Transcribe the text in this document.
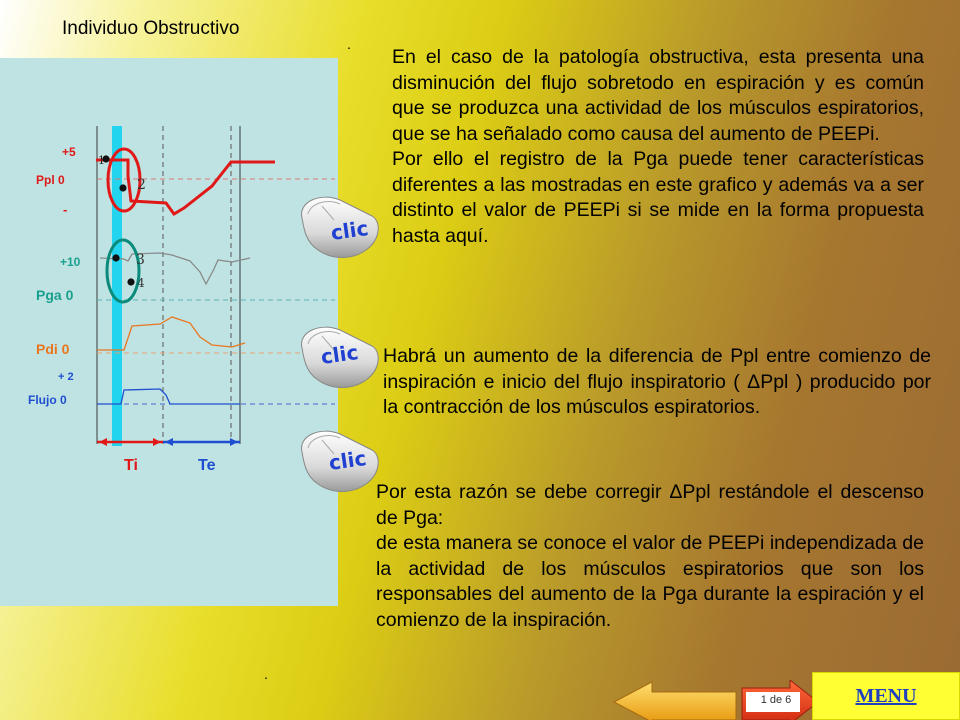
Individuo Obstructivo
.
.
1
2
3
4
+5
Ppl 0
-
+10
Pga 0
Pdi 0
+ 2
Flujo 0
Ti	Te
clic
clic
clic

En el caso de la patología obstructiva, esta presenta una disminución del flujo sobretodo en espiración y es común que se produzca una actividad de los músculos espiratorios, que se ha señalado como causa del aumento de PEEPi.
Por ello el registro de la Pga puede tener características diferentes a las mostradas en este grafico y además va a ser distinto el valor de PEEPi si se mide en la forma propuesta hasta aquí.

Habrá un aumento de la diferencia de Ppl entre comienzo de inspiración e inicio del flujo inspiratorio ( ΔPpl ) producido por la contracción de los músculos espiratorios.

Por esta razón se debe corregir ΔPpl restándole el descenso de Pga:
de esta manera se conoce el valor de PEEPi independizada de la actividad de los músculos espiratorios que son los responsables del aumento de la Pga durante la espiración y el comienzo de la inspiración.

1 de 6	MENU
